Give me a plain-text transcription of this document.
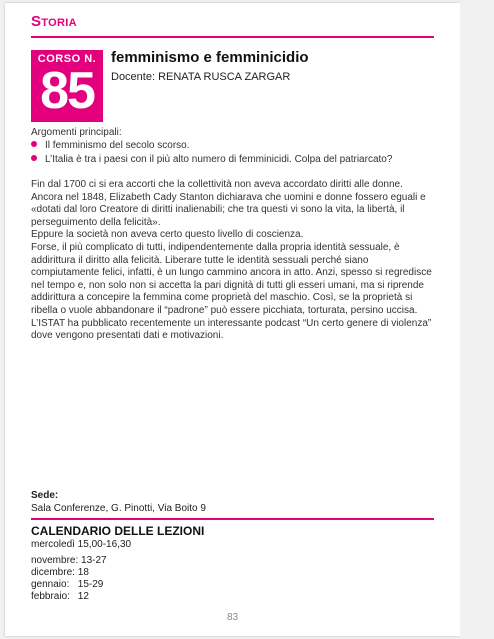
Storia
CORSO N.
85
femminismo e femminicidio
Docente: RENATA RUSCA ZARGAR
Argomenti principali:
Il femminismo del secolo scorso.
L’Italia è tra i paesi con il più alto numero di femminicidi. Colpa del patriarcato?

Fin dal 1700 ci si era accorti che la collettività non aveva accordato diritti alle donne. Ancora nel 1848, Elizabeth Cady Stanton dichiarava che uomini e donne fossero eguali e «dotati dal loro Creatore di diritti inalienabili; che tra questi vi sono la vita, la libertà, il perseguimento della felicità».

Eppure la società non aveva certo questo livello di coscienza.

Forse, il più complicato di tutti, indipendentemente dalla propria identità sessuale, è addirittura il diritto alla felicità. Liberare tutte le identità sessuali perché siano compiutamente felici, infatti, è un lungo cammino ancora in atto. Anzi, spesso si regredisce nel tempo e, non solo non si accetta la pari dignità di tutti gli esseri umani, ma si riprende addirittura a concepire la femmina come proprietà del maschio. Così, se la proprietà si ribella o vuole abbandonare il “padrone” può essere picchiata, torturata, persino uccisa.

L’ISTAT ha pubblicato recentemente un interessante podcast “Un certo genere di violenza” dove vengono presentati dati e motivazioni.

Sede:
Sala Conferenze, G. Pinotti, Via Boito 9
CALENDARIO DELLE LEZIONI
mercoledì 15,00-16,30
novembre: 13-27
dicembre: 18
gennaio: 15-29
febbraio: 12
83
